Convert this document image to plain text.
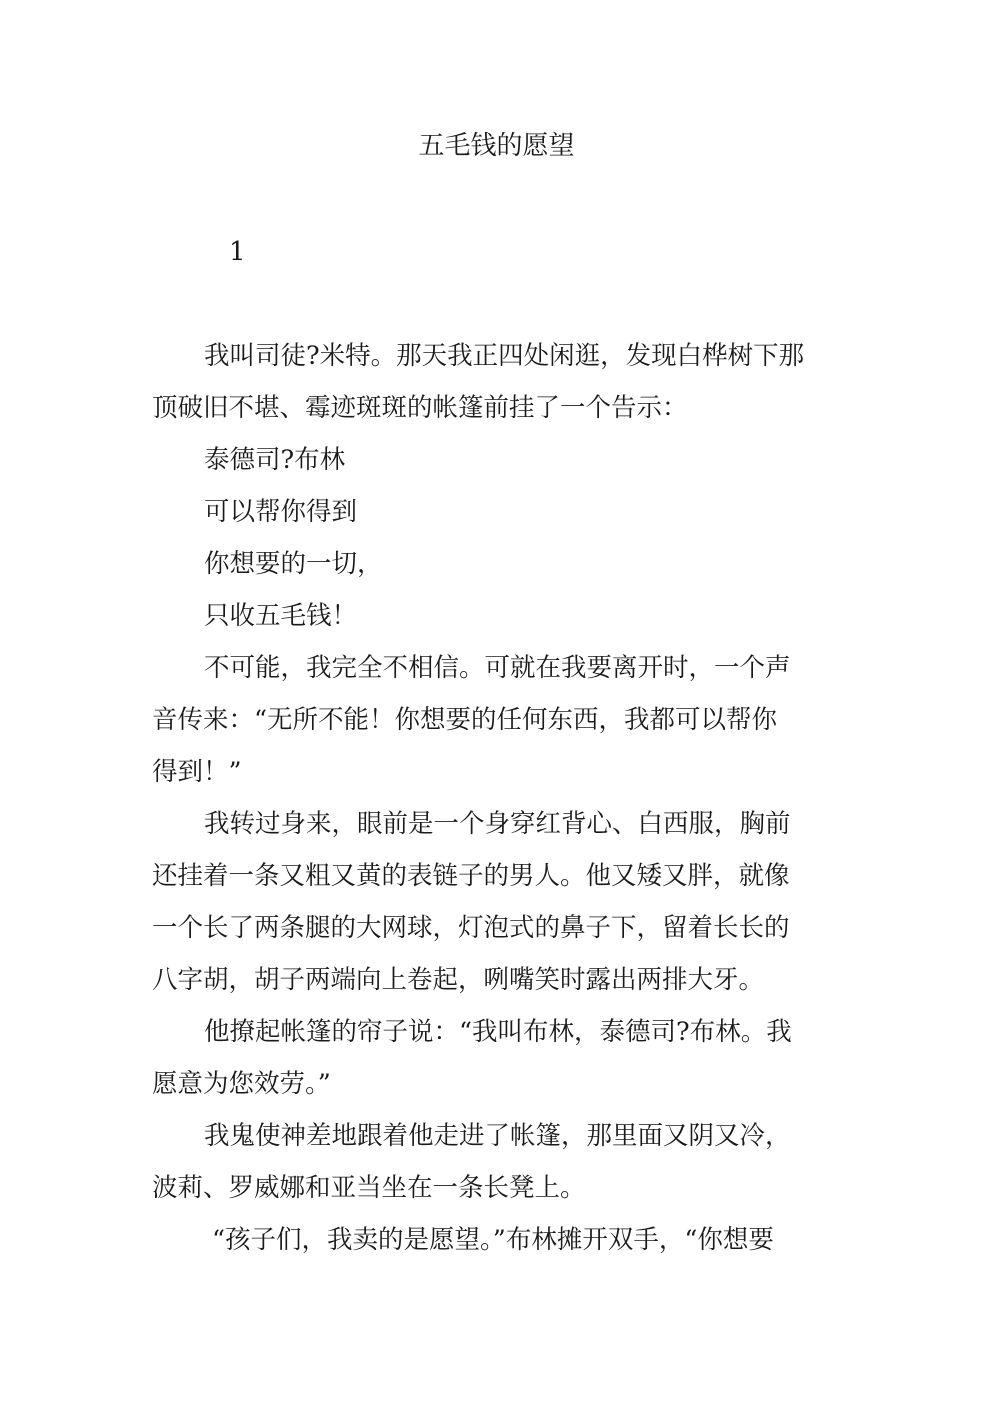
五毛钱的愿望
1
我叫司徒?米特。那天我正四处闲逛，发现白桦树下那
顶破旧不堪、霉迹斑斑的帐篷前挂了一个告示：
泰德司?布林
可以帮你得到
你想要的一切，
只收五毛钱！
不可能，我完全不相信。可就在我要离开时，一个声
音传来：“无所不能！你想要的任何东西，我都可以帮你
得到！”
我转过身来，眼前是一个身穿红背心、白西服，胸前
还挂着一条又粗又黄的表链子的男人。他又矮又胖，就像
一个长了两条腿的大网球，灯泡式的鼻子下，留着长长的
八字胡，胡子两端向上卷起，咧嘴笑时露出两排大牙。
他撩起帐篷的帘子说：“我叫布林，泰德司?布林。我
愿意为您效劳。”
我鬼使神差地跟着他走进了帐篷，那里面又阴又冷，
波莉、罗威娜和亚当坐在一条长凳上。
“孩子们，我卖的是愿望。”布林摊开双手，“你想要
